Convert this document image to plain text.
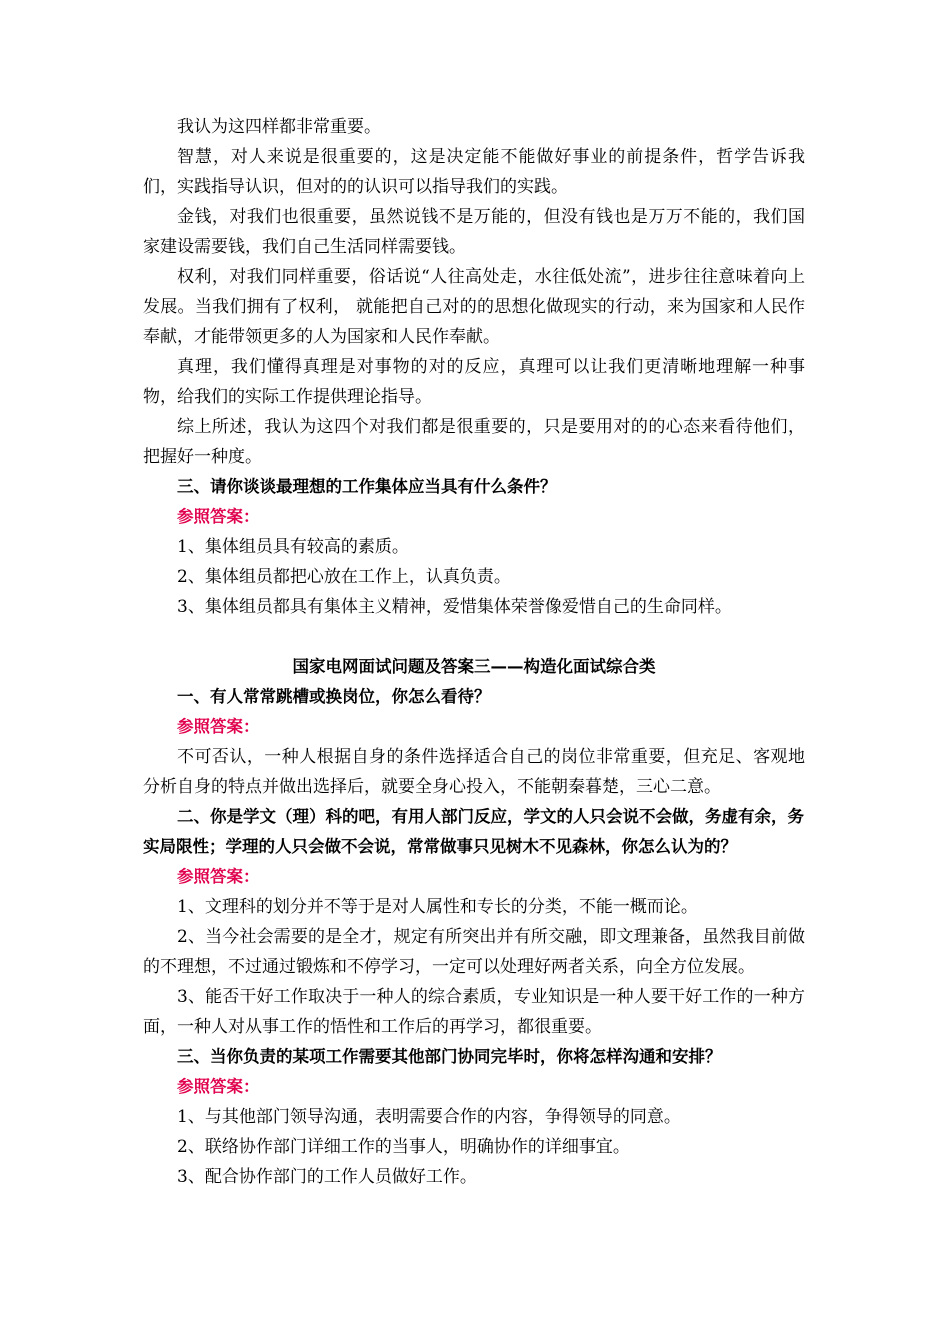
我认为这四样都非常重要。

智慧，对人来说是很重要的，这是决定能不能做好事业的前提条件，哲学告诉我们，实践指导认识，但对的的认识可以指导我们的实践。

金钱，对我们也很重要，虽然说钱不是万能的，但没有钱也是万万不能的，我们国家建设需要钱，我们自己生活同样需要钱。

权利，对我们同样重要，俗话说“人往高处走，水往低处流”，进步往往意味着向上发展。当我们拥有了权利， 就能把自己对的的思想化做现实的行动，来为国家和人民作奉献，才能带领更多的人为国家和人民作奉献。

真理，我们懂得真理是对事物的对的反应，真理可以让我们更清晰地理解一种事物，给我们的实际工作提供理论指导。

综上所述，我认为这四个对我们都是很重要的，只是要用对的的心态来看待他们，把握好一种度。

三、请你谈谈最理想的工作集体应当具有什么条件？

参照答案：

1、集体组员具有较高的素质。

2、集体组员都把心放在工作上，认真负责。

3、集体组员都具有集体主义精神，爱惜集体荣誉像爱惜自己的生命同样。

国家电网面试问题及答案三——构造化面试综合类

一、有人常常跳槽或换岗位，你怎么看待？

参照答案：

不可否认，一种人根据自身的条件选择适合自己的岗位非常重要，但充足、客观地分析自身的特点并做出选择后，就要全身心投入，不能朝秦暮楚，三心二意。

二、你是学文（理）科的吧，有用人部门反应，学文的人只会说不会做，务虚有余，务实局限性；学理的人只会做不会说，常常做事只见树木不见森林，你怎么认为的？

参照答案：

1、文理科的划分并不等于是对人属性和专长的分类，不能一概而论。

2、当今社会需要的是全才，规定有所突出并有所交融，即文理兼备，虽然我目前做的不理想，不过通过锻炼和不停学习，一定可以处理好两者关系，向全方位发展。

3、能否干好工作取决于一种人的综合素质，专业知识是一种人要干好工作的一种方面，一种人对从事工作的悟性和工作后的再学习，都很重要。

三、当你负责的某项工作需要其他部门协同完毕时，你将怎样沟通和安排？

参照答案：

1、与其他部门领导沟通，表明需要合作的内容，争得领导的同意。

2、联络协作部门详细工作的当事人，明确协作的详细事宜。

3、配合协作部门的工作人员做好工作。
